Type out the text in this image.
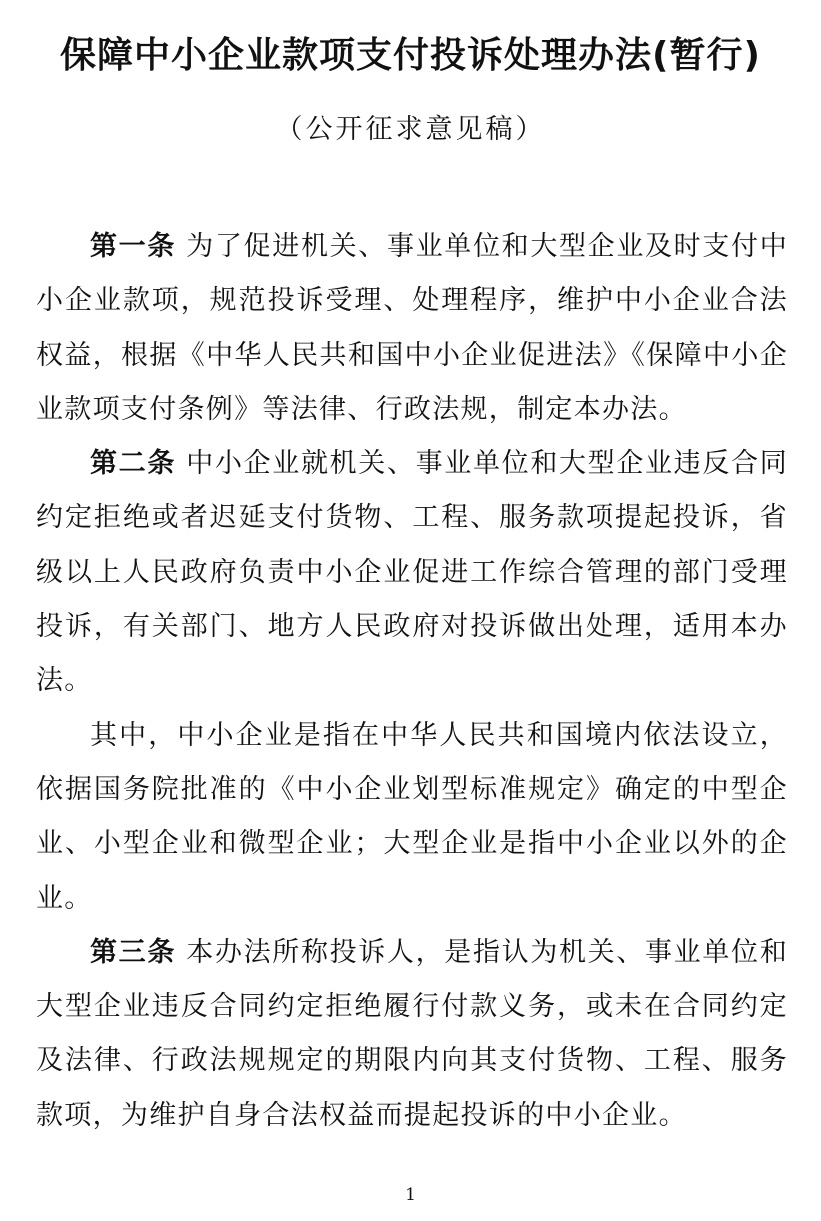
保障中小企业款项支付投诉处理办法(暂行)
（公开征求意见稿）

第一条 为了促进机关、事业单位和大型企业及时支付中小企业款项，规范投诉受理、处理程序，维护中小企业合法权益，根据《中华人民共和国中小企业促进法》《保障中小企业款项支付条例》等法律、行政法规，制定本办法。

第二条 中小企业就机关、事业单位和大型企业违反合同约定拒绝或者迟延支付货物、工程、服务款项提起投诉，省级以上人民政府负责中小企业促进工作综合管理的部门受理投诉，有关部门、地方人民政府对投诉做出处理，适用本办法。

其中，中小企业是指在中华人民共和国境内依法设立，依据国务院批准的《中小企业划型标准规定》确定的中型企业、小型企业和微型企业；大型企业是指中小企业以外的企业。

第三条 本办法所称投诉人，是指认为机关、事业单位和大型企业违反合同约定拒绝履行付款义务，或未在合同约定及法律、行政法规规定的期限内向其支付货物、工程、服务款项，为维护自身合法权益而提起投诉的中小企业。

1
